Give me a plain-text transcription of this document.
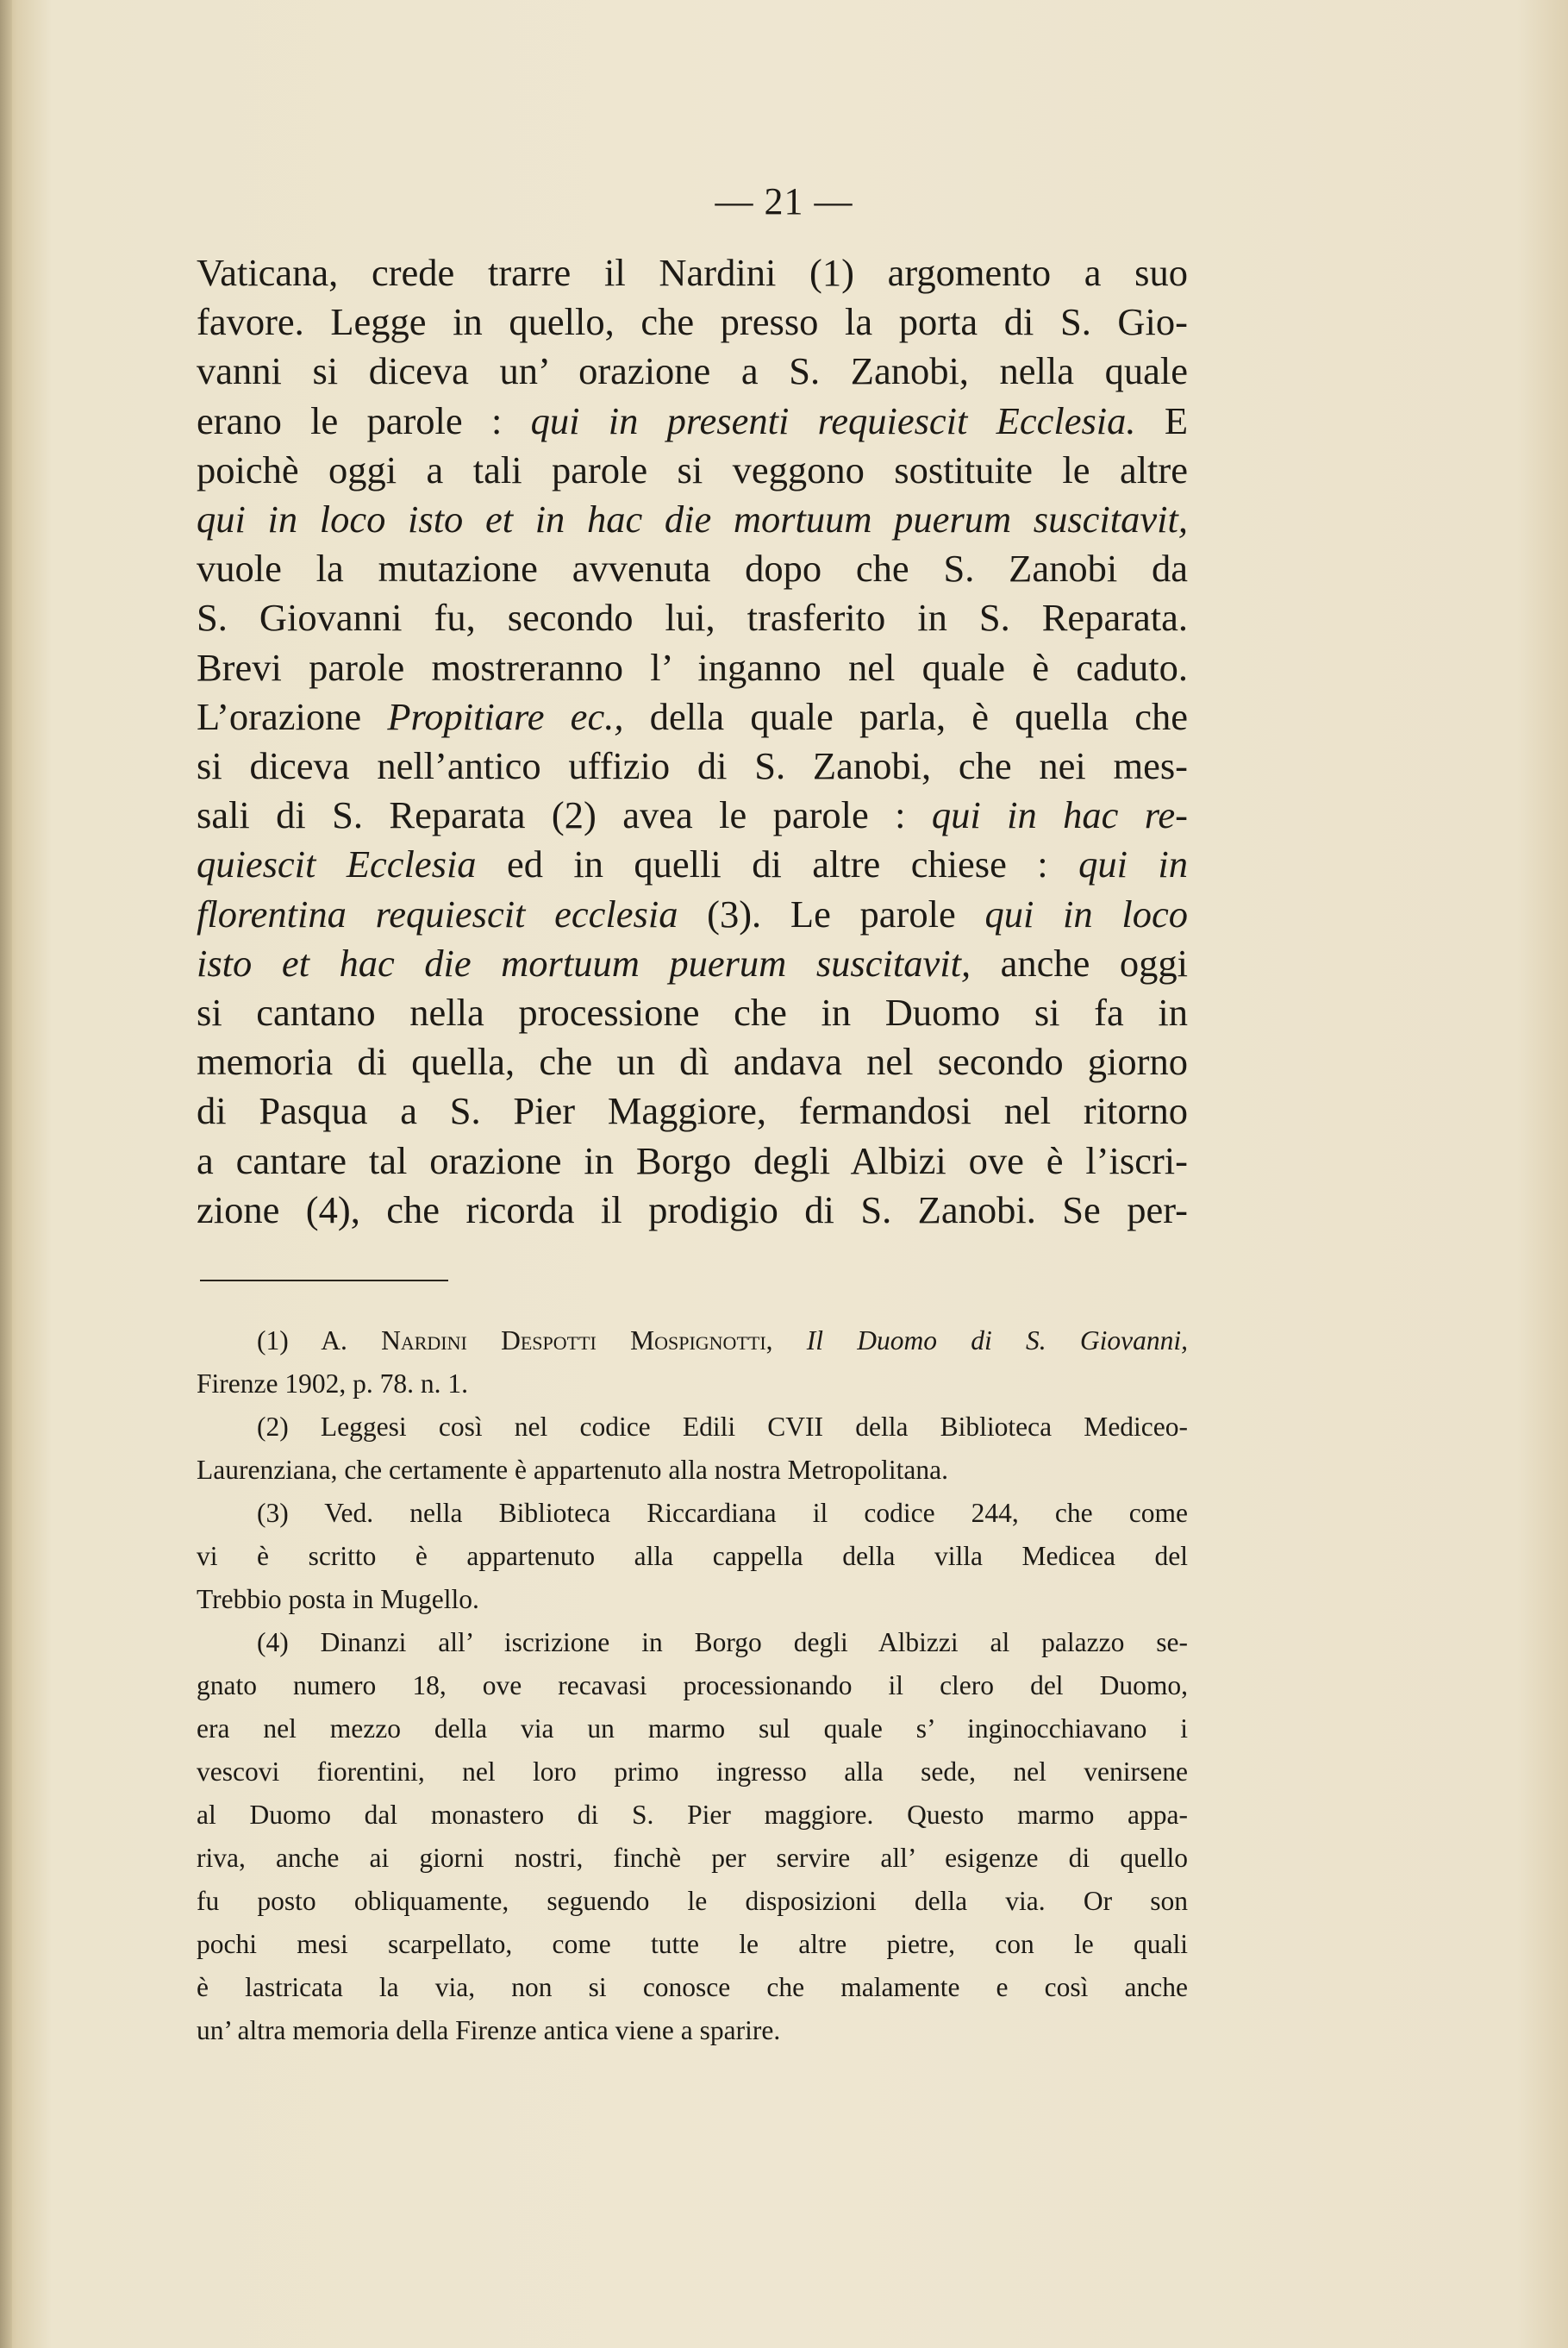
— 21 —
Vaticana, crede trarre il Nardini (1) argomento a suo
favore. Legge in quello, che presso la porta di S. Gio-
vanni si diceva un’ orazione a S. Zanobi, nella quale
erano le parole : qui in presenti requiescit Ecclesia. E
poichè oggi a tali parole si veggono sostituite le altre
qui in loco isto et in hac die mortuum puerum suscitavit,
vuole la mutazione avvenuta dopo che S. Zanobi da
S. Giovanni fu, secondo lui, trasferito in S. Reparata.
Brevi parole mostreranno l’ inganno nel quale è caduto.
L’orazione Propitiare ec., della quale parla, è quella che
si diceva nell’antico uffizio di S. Zanobi, che nei mes-
sali di S. Reparata (2) avea le parole : qui in hac re-
quiescit Ecclesia ed in quelli di altre chiese : qui in
florentina requiescit ecclesia (3). Le parole qui in loco
isto et hac die mortuum puerum suscitavit, anche oggi
si cantano nella processione che in Duomo si fa in
memoria di quella, che un dì andava nel secondo giorno
di Pasqua a S. Pier Maggiore, fermandosi nel ritorno
a cantare tal orazione in Borgo degli Albizi ove è l’iscri-
zione (4), che ricorda il prodigio di S. Zanobi. Se per-
(1) A. Nardini Despotti Mospignotti, Il Duomo di S. Giovanni,
Firenze 1902, p. 78. n. 1.
(2) Leggesi così nel codice Edili CVII della Biblioteca Mediceo-
Laurenziana, che certamente è appartenuto alla nostra Metropolitana.
(3) Ved. nella Biblioteca Riccardiana il codice 244, che come
vi è scritto è appartenuto alla cappella della villa Medicea del
Trebbio posta in Mugello.
(4) Dinanzi all’ iscrizione in Borgo degli Albizzi al palazzo se-
gnato numero 18, ove recavasi processionando il clero del Duomo,
era nel mezzo della via un marmo sul quale s’ inginocchiavano i
vescovi fiorentini, nel loro primo ingresso alla sede, nel venirsene
al Duomo dal monastero di S. Pier maggiore. Questo marmo appa-
riva, anche ai giorni nostri, finchè per servire all’ esigenze di quello
fu posto obliquamente, seguendo le disposizioni della via. Or son
pochi mesi scarpellato, come tutte le altre pietre, con le quali
è lastricata la via, non si conosce che malamente e così anche
un’ altra memoria della Firenze antica viene a sparire.
